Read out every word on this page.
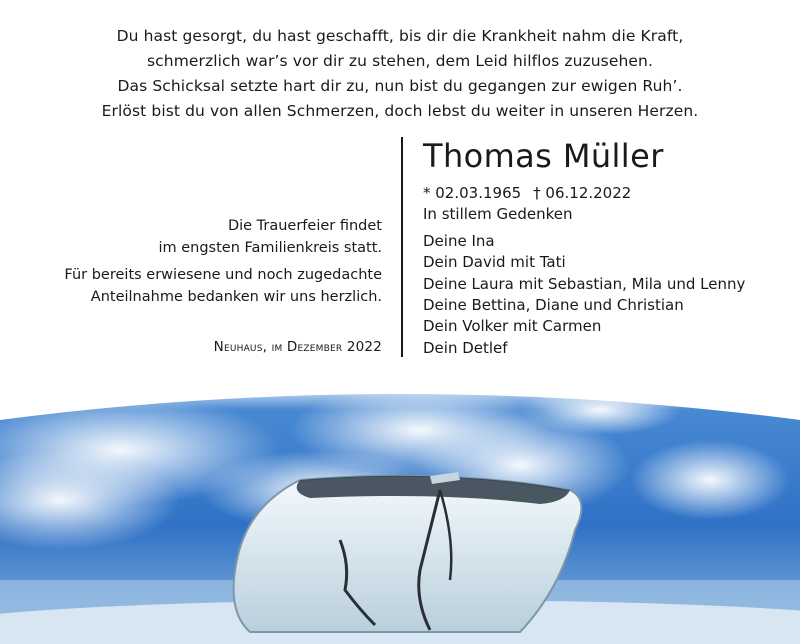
Du hast gesorgt, du hast geschafft, bis dir die Krankheit nahm die Kraft,
schmerzlich war’s vor dir zu stehen, dem Leid hilflos zuzusehen.
Das Schicksal setzte hart dir zu, nun bist du gegangen zur ewigen Ruh’.
Erlöst bist du von allen Schmerzen, doch lebst du weiter in unseren Herzen.
Die Trauerfeier findet
im engsten Familienkreis statt.
Für bereits erwiesene und noch zugedachte
Anteilnahme bedanken wir uns herzlich.
Neuhaus, im Dezember 2022
Thomas Müller
* 02.03.1965 † 06.12.2022
In stillem Gedenken
Deine Ina
Dein David mit Tati
Deine Laura mit Sebastian, Mila und Lenny
Deine Bettina, Diane und Christian
Dein Volker mit Carmen
Dein Detlef
